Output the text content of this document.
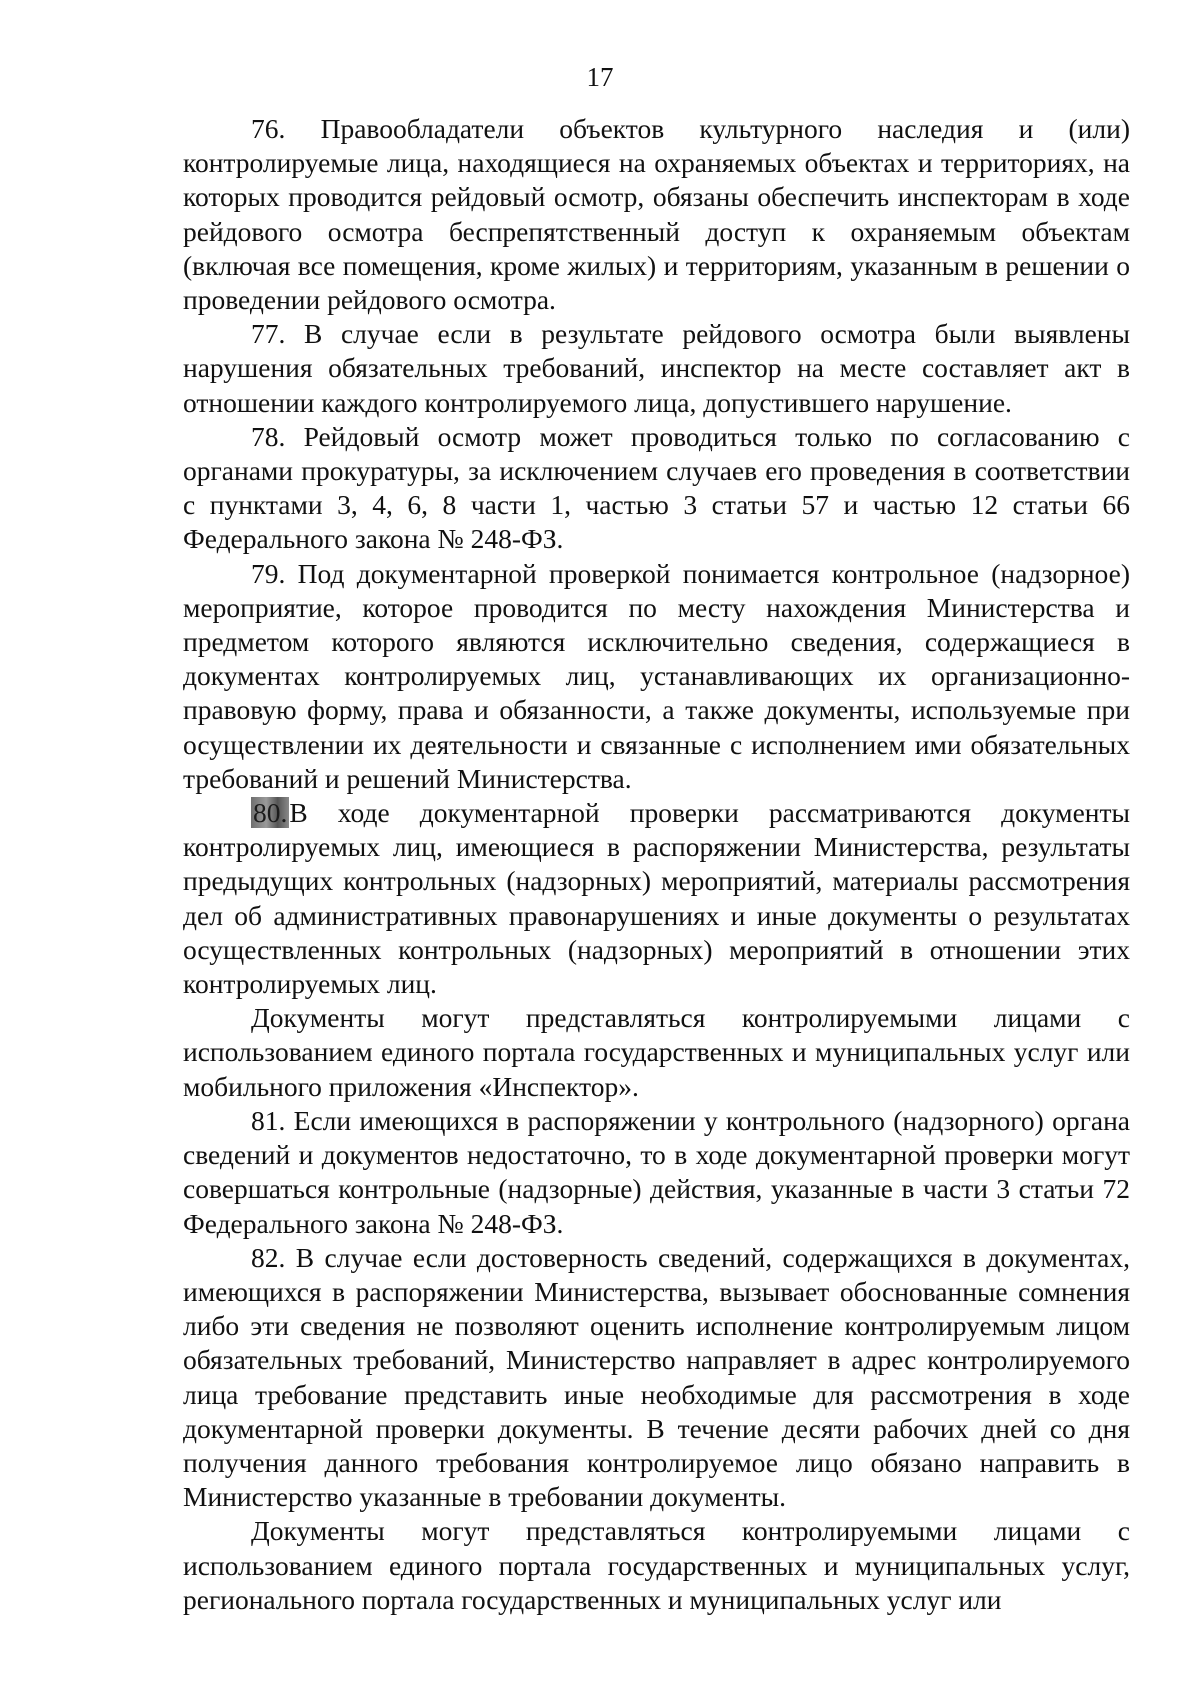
17

76. Правообладатели объектов культурного наследия и (или) контролируемые лица, находящиеся на охраняемых объектах и территориях, на которых проводится рейдовый осмотр, обязаны обеспечить инспекторам в ходе рейдового осмотра беспрепятственный доступ к охраняемым объектам (включая все помещения, кроме жилых) и территориям, указанным в решении о проведении рейдового осмотра.

77. В случае если в результате рейдового осмотра были выявлены нарушения обязательных требований, инспектор на месте составляет акт в отношении каждого контролируемого лица, допустившего нарушение.

78. Рейдовый осмотр может проводиться только по согласованию с органами прокуратуры, за исключением случаев его проведения в соответствии с пунктами 3, 4, 6, 8 части 1, частью 3 статьи 57 и частью 12 статьи 66 Федерального закона № 248-ФЗ.

79. Под документарной проверкой понимается контрольное (надзорное) мероприятие, которое проводится по месту нахождения Министерства и предметом которого являются исключительно сведения, содержащиеся в документах контролируемых лиц, устанавливающих их организационно-правовую форму, права и обязанности, а также документы, используемые при осуществлении их деятельности и связанные с исполнением ими обязательных требований и решений Министерства.

80.В ходе документарной проверки рассматриваются документы контролируемых лиц, имеющиеся в распоряжении Министерства, результаты предыдущих контрольных (надзорных) мероприятий, материалы рассмотрения дел об административных правонарушениях и иные документы о результатах осуществленных контрольных (надзорных) мероприятий в отношении этих контролируемых лиц.

Документы могут представляться контролируемыми лицами с использованием единого портала государственных и муниципальных услуг или мобильного приложения «Инспектор».

81. Если имеющихся в распоряжении у контрольного (надзорного) органа сведений и документов недостаточно, то в ходе документарной проверки могут совершаться контрольные (надзорные) действия, указанные в части 3 статьи 72 Федерального закона № 248-ФЗ.

82. В случае если достоверность сведений, содержащихся в документах, имеющихся в распоряжении Министерства, вызывает обоснованные сомнения либо эти сведения не позволяют оценить исполнение контролируемым лицом обязательных требований, Министерство направляет в адрес контролируемого лица требование представить иные необходимые для рассмотрения в ходе документарной проверки документы. В течение десяти рабочих дней со дня получения данного требования контролируемое лицо обязано направить в Министерство указанные в требовании документы.

Документы могут представляться контролируемыми лицами с использованием единого портала государственных и муниципальных услуг, регионального портала государственных и муниципальных услуг или
